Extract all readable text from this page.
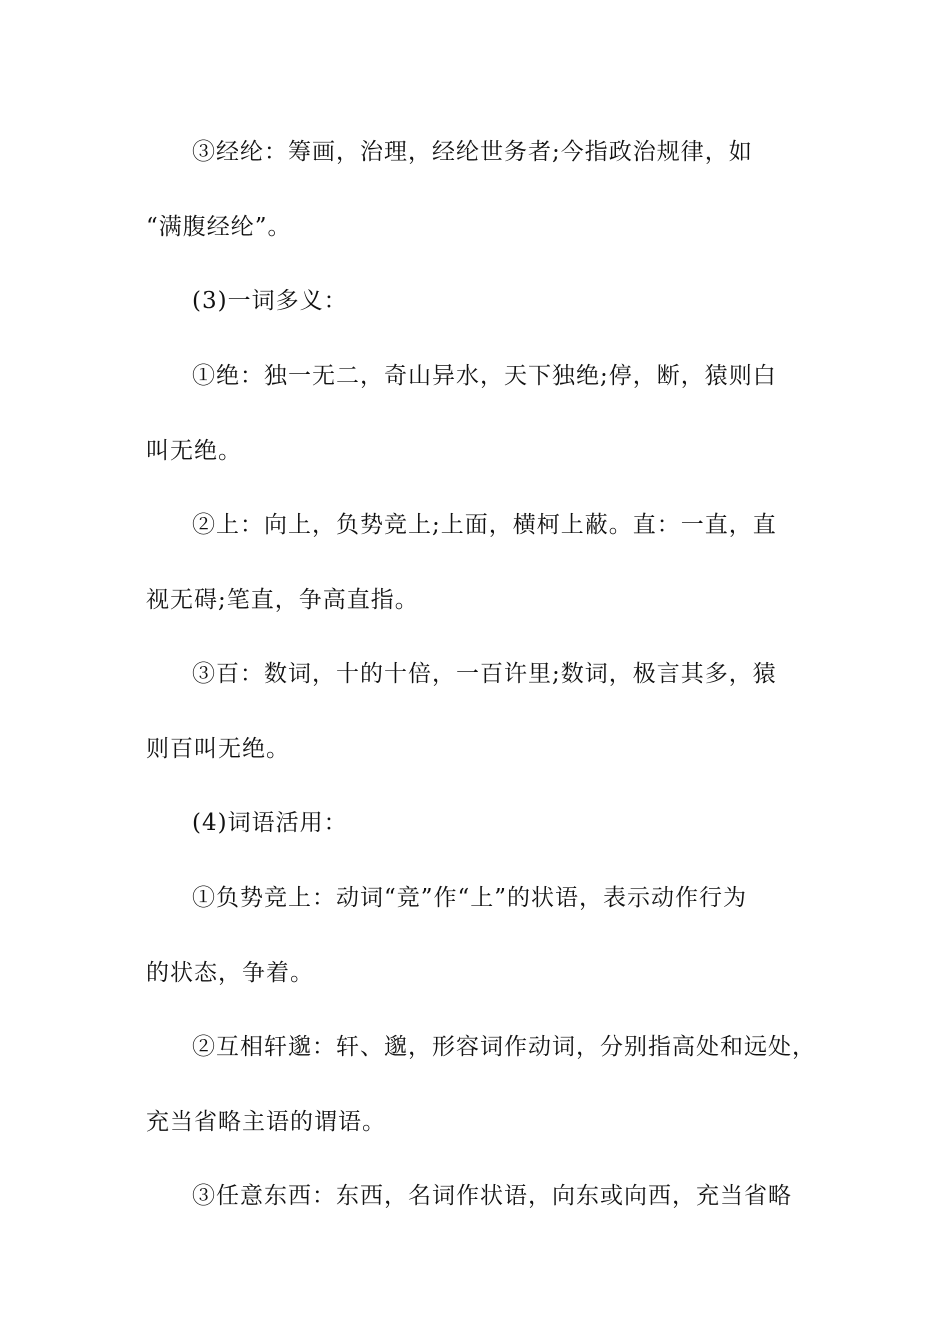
③经纶：筹画，治理，经纶世务者;今指政治规律，如
“满腹经纶”。
(3)一词多义：
①绝：独一无二，奇山异水，天下独绝;停，断，猿则白
叫无绝。
②上：向上，负势竞上;上面，横柯上蔽。直：一直，直
视无碍;笔直，争高直指。
③百：数词，十的十倍，一百许里;数词，极言其多，猿
则百叫无绝。
(4)词语活用：
①负势竞上：动词“竞”作“上”的状语，表示动作行为
的状态，争着。
②互相轩邈：轩、邈，形容词作动词，分别指高处和远处，
充当省略主语的谓语。
③任意东西：东西，名词作状语，向东或向西，充当省略
